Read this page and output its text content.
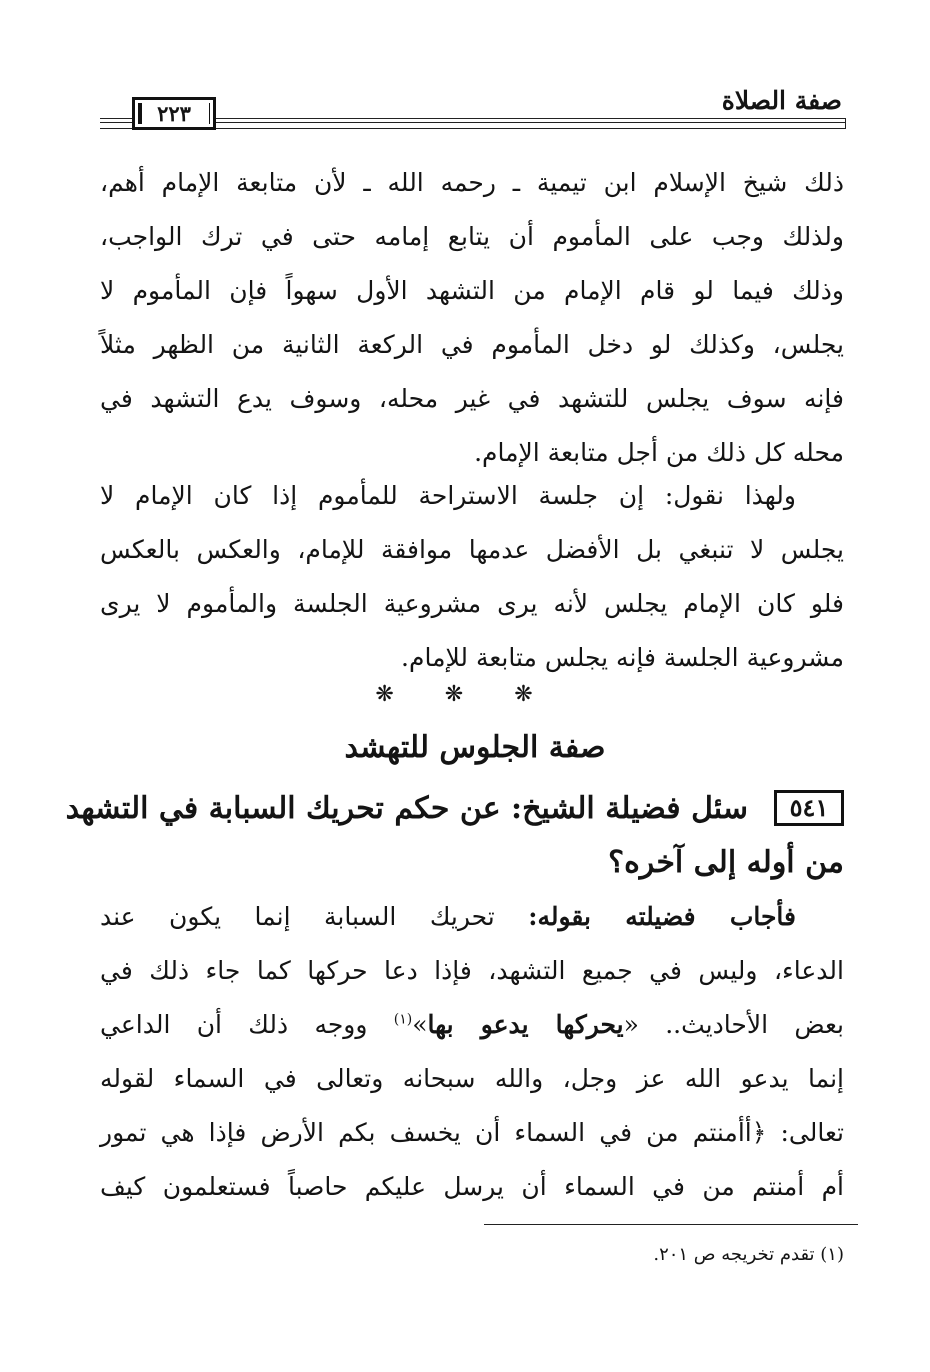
صفة الصلاة
٢٢٣
ذلك شيخ الإسلام ابن تيمية ـ رحمه الله ـ لأن متابعة الإمام أهم،
ولذلك وجب على المأموم أن يتابع إمامه حتى في ترك الواجب،
وذلك فيما لو قام الإمام من التشهد الأول سهواً فإن المأموم لا
يجلس، وكذلك لو دخل المأموم في الركعة الثانية من الظهر مثلاً
فإنه سوف يجلس للتشهد في غير محله، وسوف يدع التشهد في
محله كل ذلك من أجل متابعة الإمام.
ولهذا نقول: إن جلسة الاستراحة للمأموم إذا كان الإمام لا
يجلس لا تنبغي بل الأفضل عدمها موافقة للإمام، والعكس بالعكس
فلو كان الإمام يجلس لأنه يرى مشروعية الجلسة والمأموم لا يرى
مشروعية الجلسة فإنه يجلس متابعة للإمام.
❋ ❋ ❋
صفة الجلوس للتهشد
٥٤١
سئل فضيلة الشيخ: عن حكم تحريك السبابة في التشهد
من أوله إلى آخره؟
فأجاب فضيلته بقوله: تحريك السبابة إنما يكون عند
الدعاء، وليس في جميع التشهد، فإذا دعا حركها كما جاء ذلك في
بعض الأحاديث.. «يحركها يدعو بها»$^{(١)}$ ووجه ذلك أن الداعي
إنما يدعو الله عز وجل، والله سبحانه وتعالى في السماء لقوله
تعالى: ﴿أأمنتم من في السماء أن يخسف بكم الأرض فإذا هي تمور
أم أمنتم من في السماء أن يرسل عليكم حاصباً فستعلمون كيف
(١) تقدم تخريجه ص ٢٠١.
